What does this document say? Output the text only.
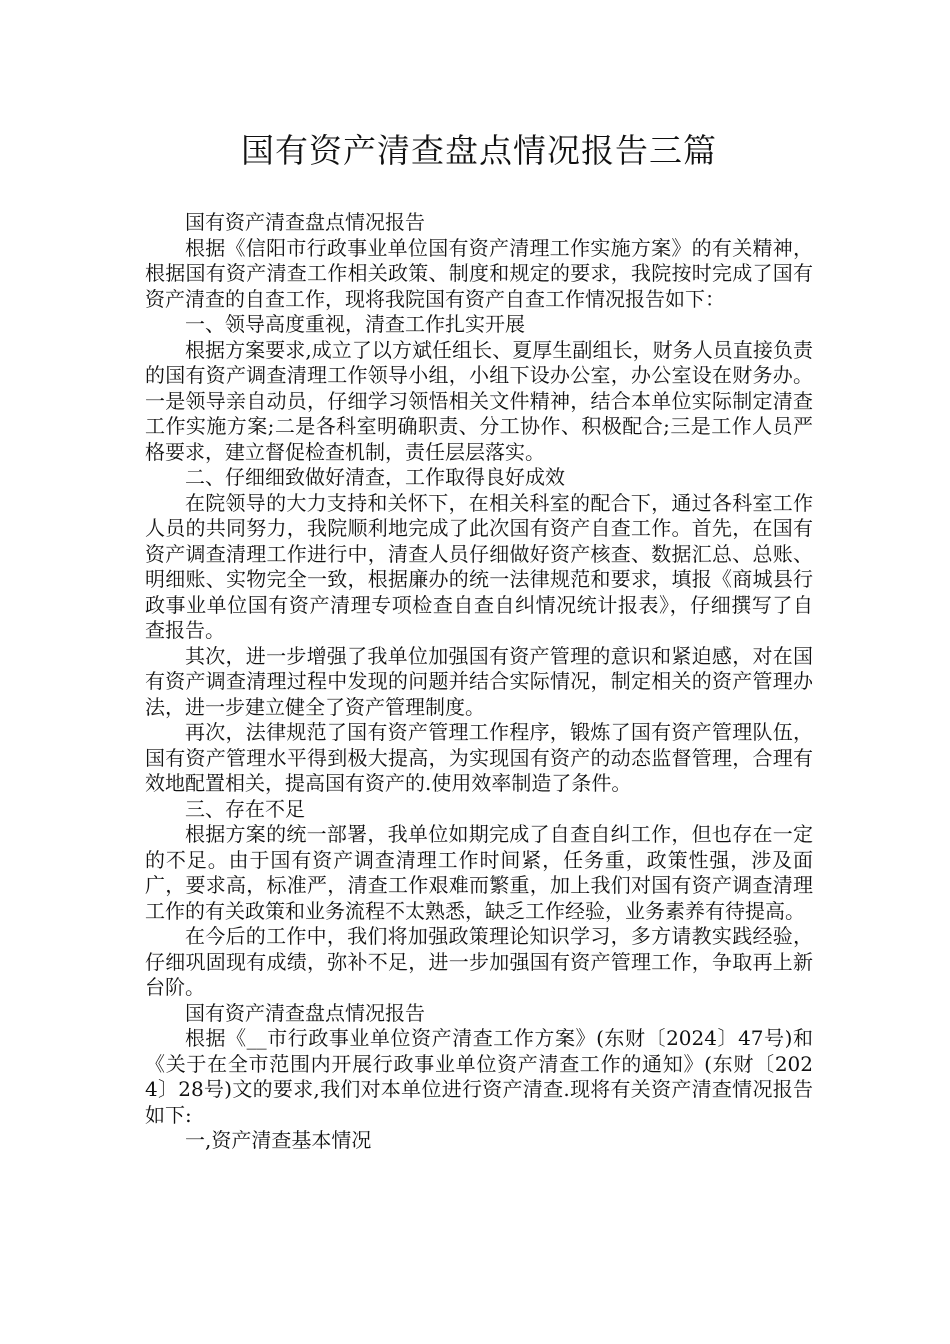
国有资产清查盘点情况报告三篇

国有资产清查盘点情况报告

根据《信阳市行政事业单位国有资产清理工作实施方案》的有关精神，根据国有资产清查工作相关政策、制度和规定的要求，我院按时完成了国有资产清查的自查工作，现将我院国有资产自查工作情况报告如下：

一、领导高度重视，清查工作扎实开展

根据方案要求,成立了以方斌任组长、夏厚生副组长，财务人员直接负责的国有资产调查清理工作领导小组，小组下设办公室，办公室设在财务办。一是领导亲自动员，仔细学习领悟相关文件精神，结合本单位实际制定清查工作实施方案;二是各科室明确职责、分工协作、积极配合;三是工作人员严格要求，建立督促检查机制，责任层层落实。

二、仔细细致做好清查，工作取得良好成效

在院领导的大力支持和关怀下，在相关科室的配合下，通过各科室工作人员的共同努力，我院顺利地完成了此次国有资产自查工作。首先，在国有资产调查清理工作进行中，清查人员仔细做好资产核查、数据汇总、总账、明细账、实物完全一致，根据廉办的统一法律规范和要求，填报《商城县行政事业单位国有资产清理专项检查自查自纠情况统计报表》，仔细撰写了自查报告。

其次，进一步增强了我单位加强国有资产管理的意识和紧迫感，对在国有资产调查清理过程中发现的问题并结合实际情况，制定相关的资产管理办法，进一步建立健全了资产管理制度。

再次，法律规范了国有资产管理工作程序，锻炼了国有资产管理队伍，国有资产管理水平得到极大提高，为实现国有资产的动态监督管理，合理有效地配置相关，提高国有资产的.使用效率制造了条件。

三、存在不足

根据方案的统一部署，我单位如期完成了自查自纠工作，但也存在一定的不足。由于国有资产调查清理工作时间紧，任务重，政策性强，涉及面广，要求高，标准严，清查工作艰难而繁重，加上我们对国有资产调查清理工作的有关政策和业务流程不太熟悉，缺乏工作经验，业务素养有待提高。

在今后的工作中，我们将加强政策理论知识学习，多方请教实践经验，仔细巩固现有成绩，弥补不足，进一步加强国有资产管理工作，争取再上新台阶。

国有资产清查盘点情况报告

根据《__市行政事业单位资产清查工作方案》(东财〔2024〕47号)和《关于在全市范围内开展行政事业单位资产清查工作的通知》(东财〔2024〕28号)文的要求,我们对本单位进行资产清查.现将有关资产清查情况报告如下:

一,资产清查基本情况
